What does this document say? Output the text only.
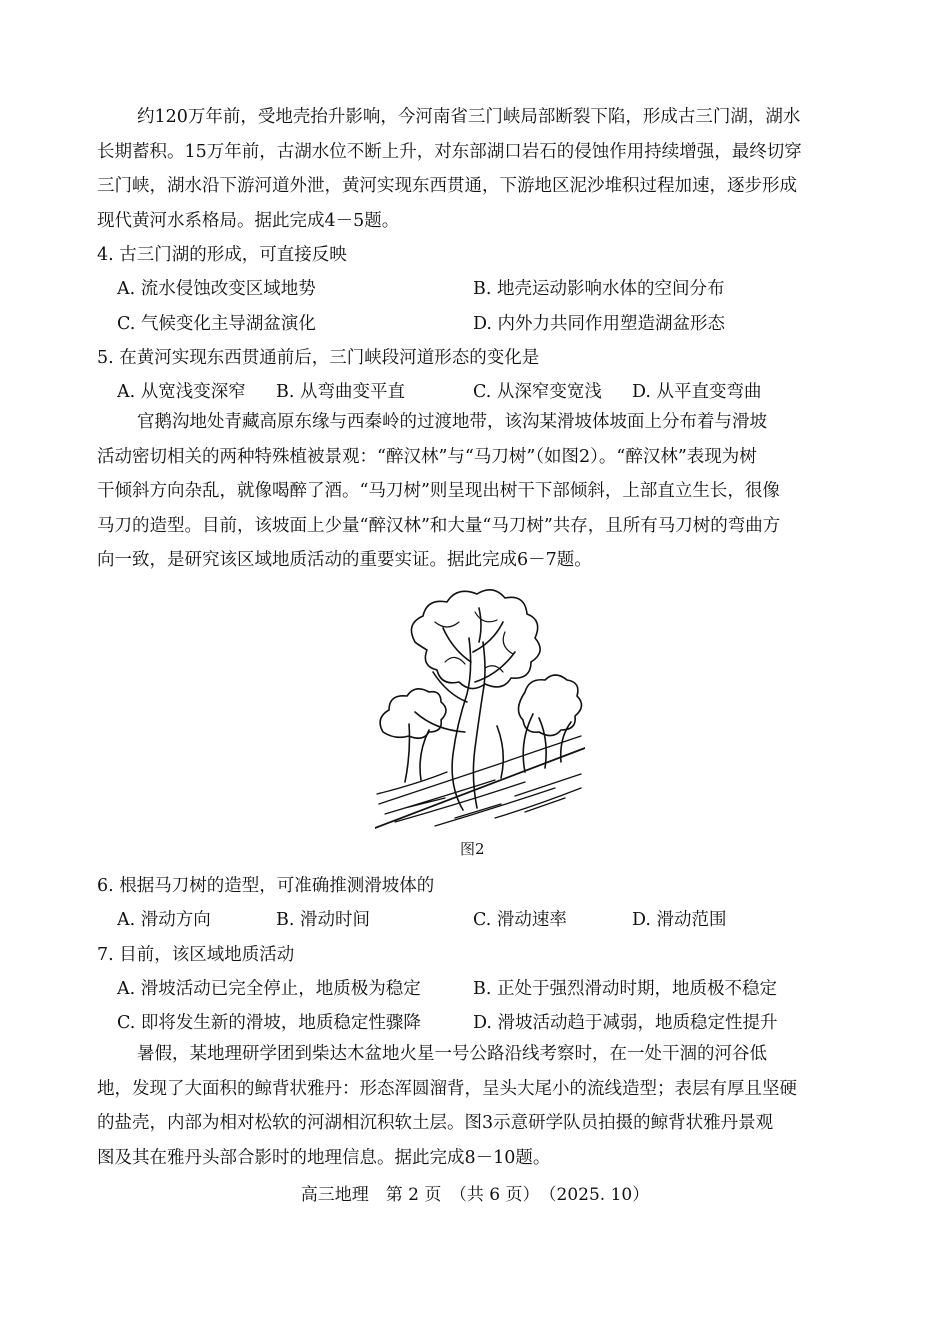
约120万年前，受地壳抬升影响，今河南省三门峡局部断裂下陷，形成古三门湖，湖水
长期蓄积。15万年前，古湖水位不断上升，对东部湖口岩石的侵蚀作用持续增强，最终切穿
三门峡，湖水沿下游河道外泄，黄河实现东西贯通，下游地区泥沙堆积过程加速，逐步形成
现代黄河水系格局。据此完成4－5题。
4. 古三门湖的形成，可直接反映
A. 流水侵蚀改变区域地势	B. 地壳运动影响水体的空间分布
C. 气候变化主导湖盆演化	D. 内外力共同作用塑造湖盆形态
5. 在黄河实现东西贯通前后，三门峡段河道形态的变化是
A. 从宽浅变深窄 B. 从弯曲变平直	C. 从深窄变宽浅 D. 从平直变弯曲
官鹅沟地处青藏高原东缘与西秦岭的过渡地带，该沟某滑坡体坡面上分布着与滑坡
活动密切相关的两种特殊植被景观：“醉汉林”与“马刀树”（如图2）。“醉汉林”表现为树
干倾斜方向杂乱，就像喝醉了酒。“马刀树”则呈现出树干下部倾斜，上部直立生长，很像
马刀的造型。目前，该坡面上少量“醉汉林”和大量“马刀树”共存，且所有马刀树的弯曲方
向一致，是研究该区域地质活动的重要实证。据此完成6－7题。
图2
6. 根据马刀树的造型，可准确推测滑坡体的
A. 滑动方向	B. 滑动时间	C. 滑动速率	D. 滑动范围
7. 目前，该区域地质活动
A. 滑坡活动已完全停止，地质极为稳定	B. 正处于强烈滑动时期，地质极不稳定
C. 即将发生新的滑坡，地质稳定性骤降	D. 滑坡活动趋于减弱，地质稳定性提升
暑假，某地理研学团到柴达木盆地火星一号公路沿线考察时，在一处干涸的河谷低
地，发现了大面积的鲸背状雅丹：形态浑圆溜背，呈头大尾小的流线造型；表层有厚且坚硬
的盐壳，内部为相对松软的河湖相沉积软土层。图3示意研学队员拍摄的鲸背状雅丹景观
图及其在雅丹头部合影时的地理信息。据此完成8－10题。
高三地理　第 2 页　（共 6 页）　（2025. 10）
